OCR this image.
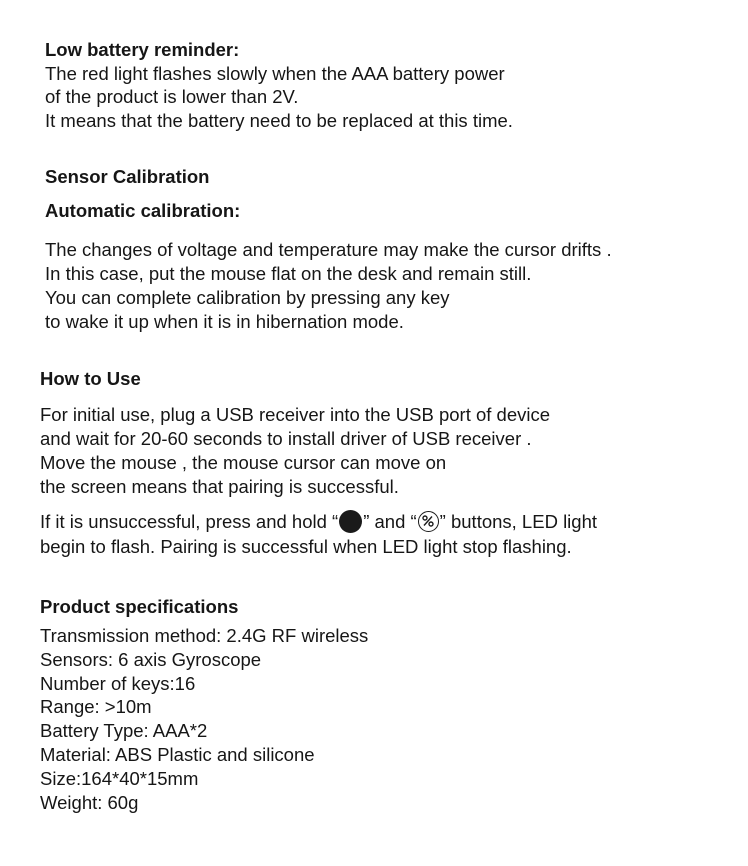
Low battery reminder:
The red light flashes slowly when the AAA battery power
of the product is lower than 2V.
It means that the battery need to be replaced at this time.
Sensor Calibration
Automatic calibration:
The changes of voltage and temperature may make the cursor drifts .
In this case, put the mouse flat on the desk and remain still.
You can complete calibration by pressing any key
to wake it up when it is in hibernation mode.
How to Use
For initial use, plug a USB receiver into the USB port of device
and wait for 20-60 seconds to install driver of USB receiver .
Move the mouse , the mouse cursor can move on
the screen means that pairing is successful.
If it is unsuccessful, press and hold “ ” and “ ” buttons, LED light
begin to flash. Pairing is successful when LED light stop flashing.
Product specifications
Transmission method: 2.4G RF wireless
Sensors: 6 axis Gyroscope
Number of keys:16
Range: >10m
Battery Type: AAA*2
Material: ABS Plastic and silicone
Size:164*40*15mm
Weight: 60g
